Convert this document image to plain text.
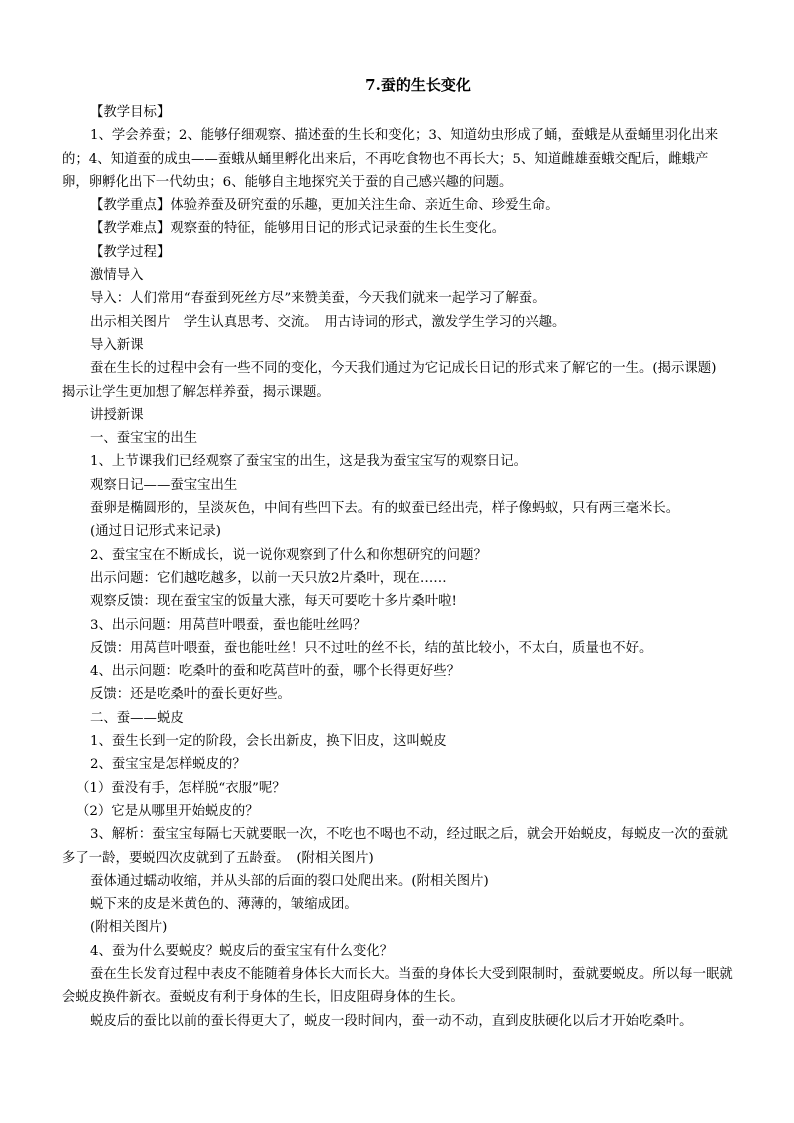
7.蚕的生长变化

【教学目标】

1、学会养蚕；2、能够仔细观察、描述蚕的生长和变化；3、知道幼虫形成了蛹，蚕蛾是从蚕蛹里羽化出来的；4、知道蚕的成虫——蚕蛾从蛹里孵化出来后，不再吃食物也不再长大；5、知道雌雄蚕蛾交配后，雌蛾产卵，卵孵化出下一代幼虫；6、能够自主地探究关于蚕的自己感兴趣的问题。

【教学重点】体验养蚕及研究蚕的乐趣，更加关注生命、亲近生命、珍爱生命。

【教学难点】观察蚕的特征，能够用日记的形式记录蚕的生长生变化。

【教学过程】

激情导入

导入：人们常用“春蚕到死丝方尽”来赞美蚕，今天我们就来一起学习了解蚕。

出示相关图片　学生认真思考、交流。　用古诗词的形式，激发学生学习的兴趣。

导入新课

蚕在生长的过程中会有一些不同的变化，今天我们通过为它记成长日记的形式来了解它的一生。(揭示课题)　　揭示让学生更加想了解怎样养蚕，揭示课题。

讲授新课

一、蚕宝宝的出生

1、上节课我们已经观察了蚕宝宝的出生，这是我为蚕宝宝写的观察日记。

观察日记——蚕宝宝出生

蚕卵是椭圆形的，呈淡灰色，中间有些凹下去。有的蚁蚕已经出壳，样子像蚂蚁，只有两三毫米长。

(通过日记形式来记录)

2、蚕宝宝在不断成长，说一说你观察到了什么和你想研究的问题？

出示问题：它们越吃越多，以前一天只放2片桑叶，现在……

观察反馈：现在蚕宝宝的饭量大涨，每天可要吃十多片桑叶啦!

3、出示问题：用莴苣叶喂蚕，蚕也能吐丝吗？

反馈：用莴苣叶喂蚕，蚕也能吐丝！只不过吐的丝不长，结的茧比较小，不太白，质量也不好。

4、出示问题：吃桑叶的蚕和吃莴苣叶的蚕，哪个长得更好些？

反馈：还是吃桑叶的蚕长更好些。

二、蚕——蜕皮

1、蚕生长到一定的阶段，会长出新皮，换下旧皮，这叫蜕皮

2、蚕宝宝是怎样蜕皮的？

（1）蚕没有手，怎样脱“衣服”呢？

（2）它是从哪里开始蜕皮的？

3、解析：蚕宝宝每隔七天就要眠一次，不吃也不喝也不动，经过眠之后，就会开始蜕皮，每蜕皮一次的蚕就多了一龄，要蜕四次皮就到了五龄蚕。　(附相关图片)

蚕体通过蠕动收缩，并从头部的后面的裂口处爬出来。(附相关图片)

蜕下来的皮是米黄色的、薄薄的，皱缩成团。

(附相关图片)

4、蚕为什么要蜕皮？蜕皮后的蚕宝宝有什么变化？

蚕在生长发育过程中表皮不能随着身体长大而长大。当蚕的身体长大受到限制时，蚕就要蜕皮。所以每一眠就会蜕皮换件新衣。蚕蜕皮有利于身体的生长，旧皮阻碍身体的生长。

蜕皮后的蚕比以前的蚕长得更大了，蜕皮一段时间内，蚕一动不动，直到皮肤硬化以后才开始吃桑叶。
